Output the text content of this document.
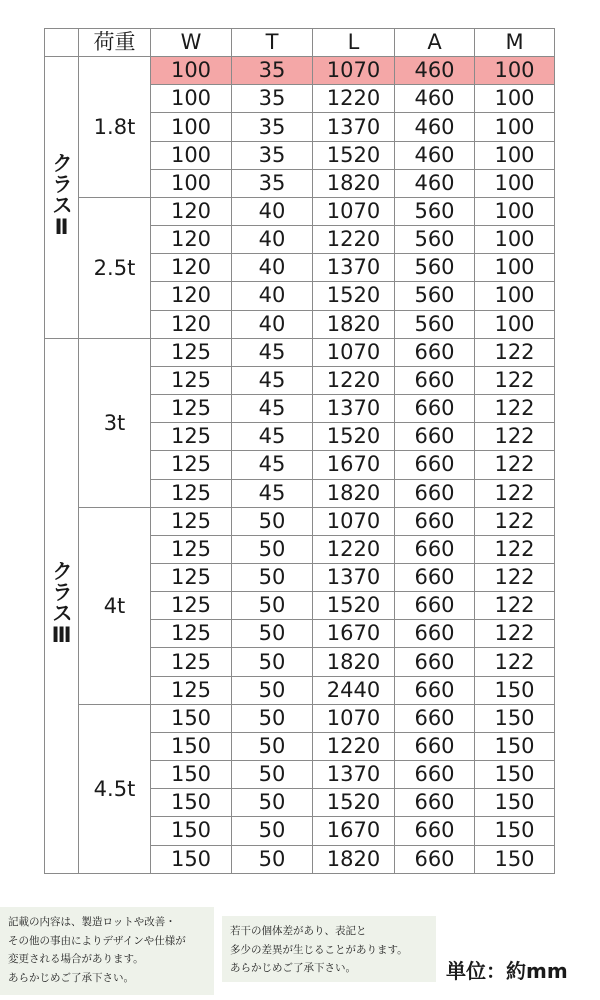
	荷重	W	T	L	A	M
クラスⅡ	1.8t	100	35	1070	460	100
		100	35	1220	460	100
		100	35	1370	460	100
		100	35	1520	460	100
		100	35	1820	460	100
	2.5t	120	40	1070	560	100
		120	40	1220	560	100
		120	40	1370	560	100
		120	40	1520	560	100
		120	40	1820	560	100
クラスⅢ	3t	125	45	1070	660	122
		125	45	1220	660	122
		125	45	1370	660	122
		125	45	1520	660	122
		125	45	1670	660	122
		125	45	1820	660	122
	4t	125	50	1070	660	122
		125	50	1220	660	122
		125	50	1370	660	122
		125	50	1520	660	122
		125	50	1670	660	122
		125	50	1820	660	122
		125	50	2440	660	150
	4.5t	150	50	1070	660	150
		150	50	1220	660	150
		150	50	1370	660	150
		150	50	1520	660	150
		150	50	1670	660	150
		150	50	1820	660	150
記載の内容は、製造ロットや改善・
その他の事由によりデザインや仕様が
変更される場合があります。
あらかじめご了承下さい。
若干の個体差があり、表記と
多少の差異が生じることがあります。
あらかじめご了承下さい。	単位：約mm
